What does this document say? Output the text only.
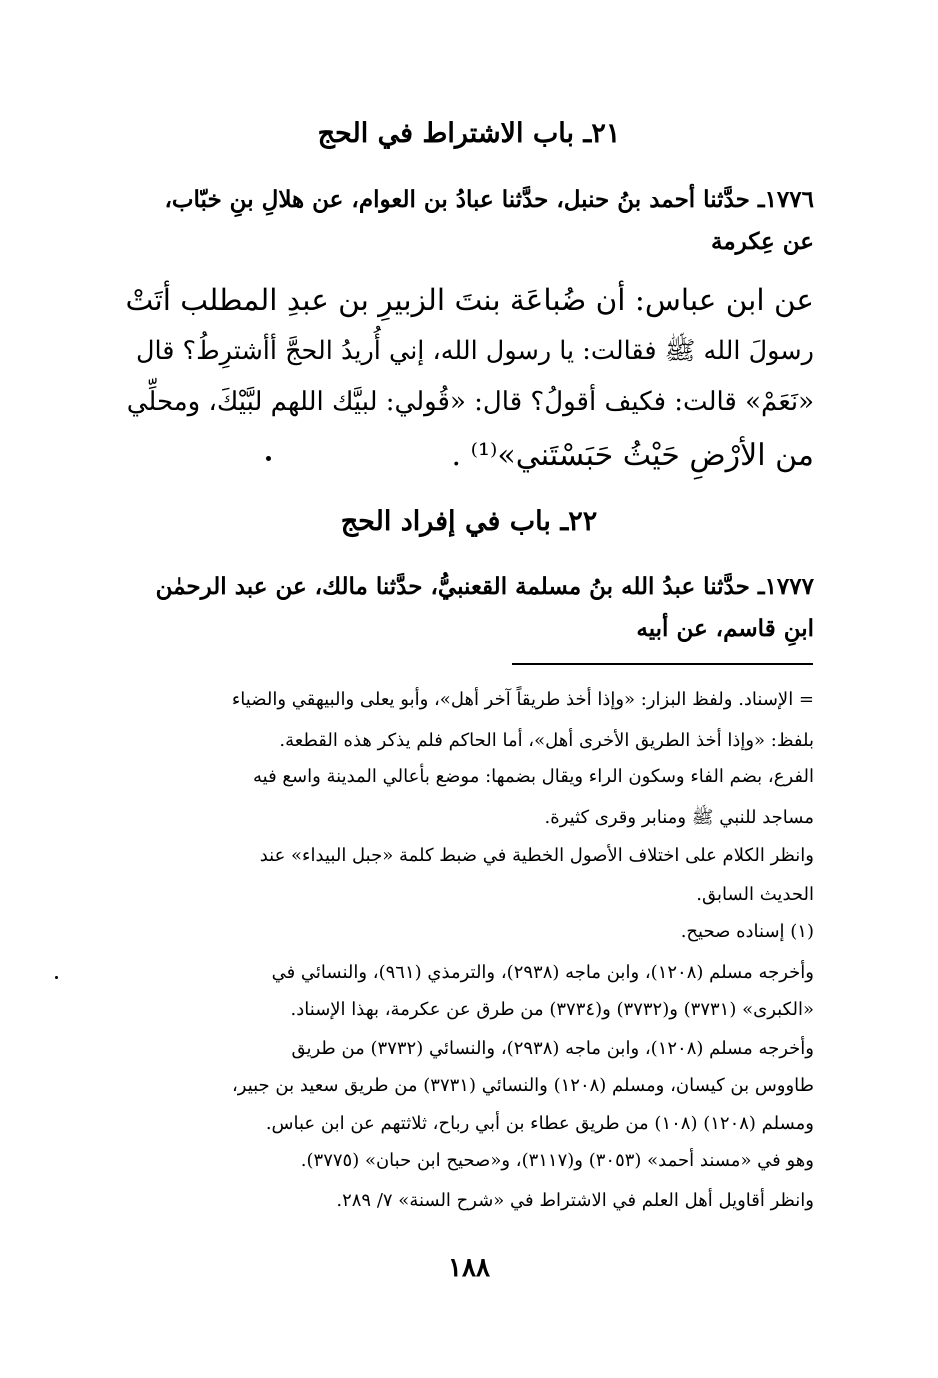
٢١ـ باب الاشتراط في الحج
١٧٧٦ـ حدَّثنا أحمد بنُ حنبل، حدَّثنا عبادُ بن العوام، عن هلالِ بنِ خبّاب،
عن عِكرمة
عن ابن عباس: أن ضُباعَة بنتَ الزبيرِ بن عبدِ المطلب أتَتْ
رسولَ الله ﷺ فقالت: يا رسول الله، إني أُريدُ الحجَّ أأشترِطُ؟ قال
«نَعَمْ» قالت: فكيف أقولُ؟ قال: «قُولي: لبيَّك اللهم لبَّيْكَ، ومحلِّي
من الأرْضِ حَيْثُ حَبَسْتَني»⁽¹⁾ .
٢٢ـ باب في إفراد الحج
١٧٧٧ـ حدَّثنا عبدُ الله بنُ مسلمة القعنبيُّ، حدَّثنا مالك، عن عبد الرحمٰن
ابنِ قاسم، عن أبيه
= الإسناد. ولفظ البزار: «وإذا أخذ طريقاً آخر أهل»، وأبو يعلى والبيهقي والضياء
بلفظ: «وإذا أخذ الطريق الأخرى أهل»، أما الحاكم فلم يذكر هذه القطعة.
الفرع، بضم الفاء وسكون الراء ويقال بضمها: موضع بأعالي المدينة واسع فيه
مساجد للنبي ﷺ ومنابر وقرى كثيرة.
وانظر الكلام على اختلاف الأصول الخطية في ضبط كلمة «جبل البيداء» عند
الحديث السابق.
(١) إسناده صحيح.
وأخرجه مسلم (١٢٠٨)، وابن ماجه (٢٩٣٨)، والترمذي (٩٦١)، والنسائي في
«الكبرى» (٣٧٣١) و(٣٧٣٢) و(٣٧٣٤) من طرق عن عكرمة، بهذا الإسناد.
وأخرجه مسلم (١٢٠٨)، وابن ماجه (٢٩٣٨)، والنسائي (٣٧٣٢) من طريق
طاووس بن كيسان، ومسلم (١٢٠٨) والنسائي (٣٧٣١) من طريق سعيد بن جبير،
ومسلم (١٢٠٨) (١٠٨) من طريق عطاء بن أبي رباح، ثلاثتهم عن ابن عباس.
وهو في «مسند أحمد» (٣٠٥٣) و(٣١١٧)، و«صحيح ابن حبان» (٣٧٧٥).
وانظر أقاويل أهل العلم في الاشتراط في «شرح السنة» ٧/ ٢٨٩.
١٨٨
